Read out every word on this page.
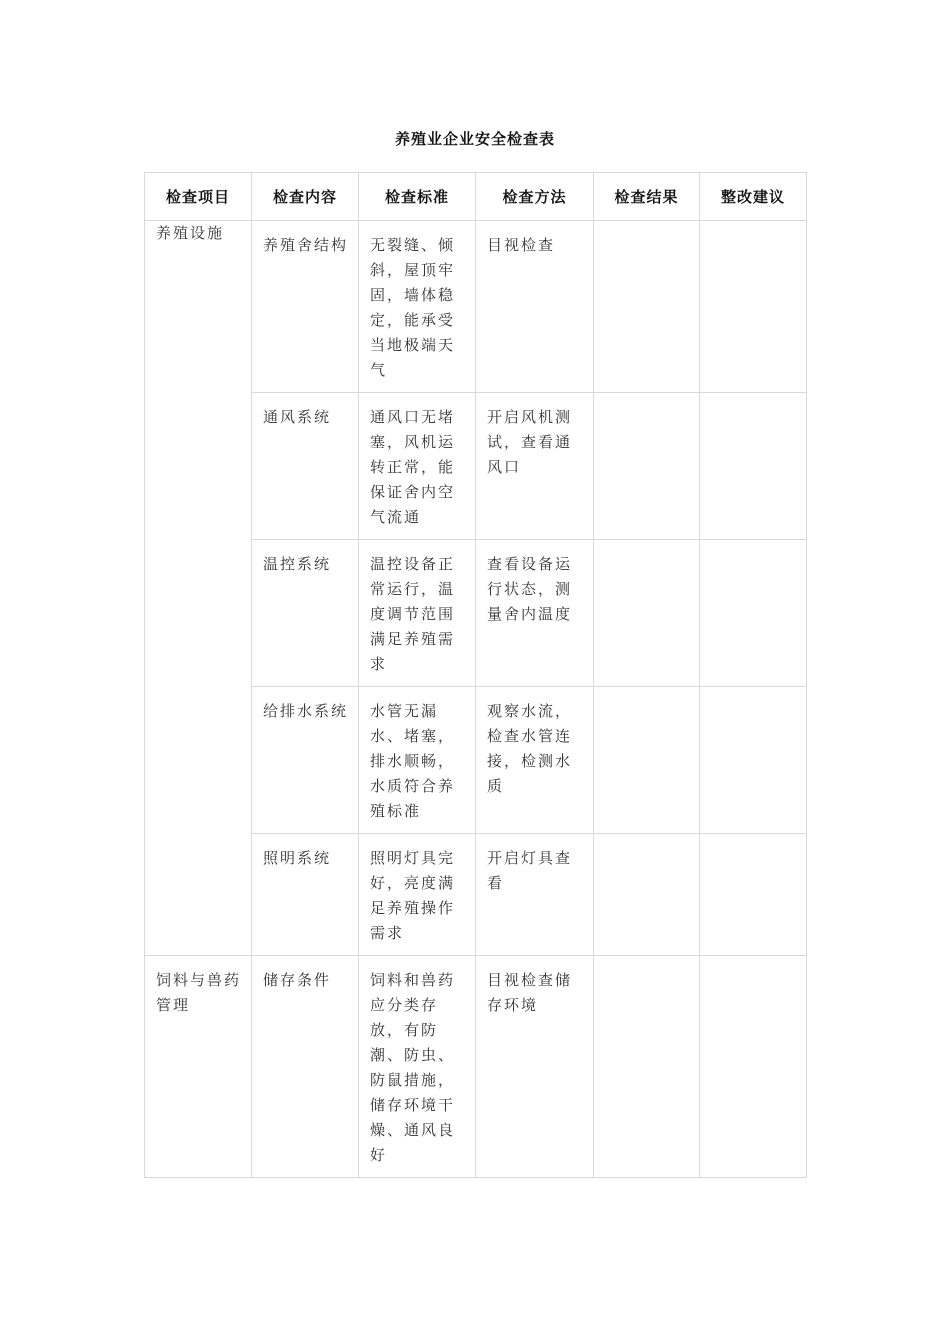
养殖业企业安全检查表
检查项目	检查内容	检查标准	检查方法	检查结果	整改建议

养殖设施	养殖舍结构	无裂缝、倾斜，屋顶牢固，墙体稳定，能承受当地极端天气	目视检查		

	通风系统	通风口无堵塞，风机运转正常，能保证舍内空气流通	开启风机测试，查看通风口		

	温控系统	温控设备正常运行，温度调节范围满足养殖需求	查看设备运行状态，测量舍内温度		

	给排水系统	水管无漏水、堵塞，排水顺畅，水质符合养殖标准	观察水流，检查水管连接，检测水质		

	照明系统	照明灯具完好，亮度满足养殖操作需求	开启灯具查看		

饲料与兽药管理	储存条件	饲料和兽药应分类存放，有防潮、防虫、防鼠措施，储存环境干燥、通风良好	目视检查储存环境		
